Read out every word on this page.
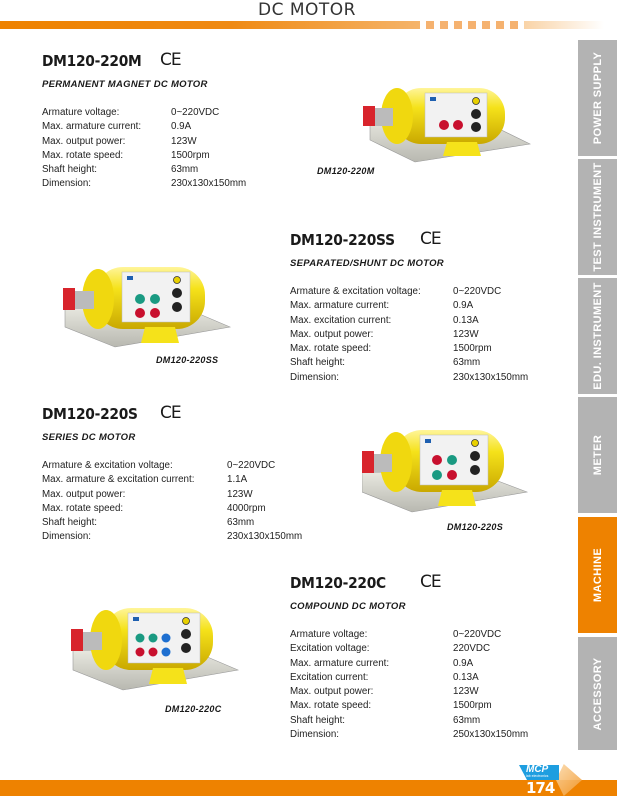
DC MOTOR
POWER SUPPLY
TEST INSTRUMENT
EDU. INSTRUMENT
METER
MACHINE
ACCESSORY
DM120-220M CE
PERMANENT MAGNET DC MOTOR
Armature voltage:	0~220VDC
Max. armature current:	0.9A
Max. output power:	123W
Max. rotate speed:	1500rpm
Shaft height:	63mm
Dimension:	230x130x150mm
DM120-220M
DM120-220SS CE
SEPARATED/SHUNT DC MOTOR
Armature & excitation voltage:	0~220VDC
Max. armature current:	0.9A
Max. excitation current:	0.13A
Max. output power:	123W
Max. rotate speed:	1500rpm
Shaft height:	63mm
Dimension:	230x130x150mm
DM120-220SS
DM120-220S CE
SERIES DC MOTOR
Armature & excitation voltage:	0~220VDC
Max. armature & excitation current:	1.1A
Max. output power:	123W
Max. rotate speed:	4000rpm
Shaft height:	63mm
Dimension:	230x130x150mm
DM120-220S
DM120-220C CE
COMPOUND DC MOTOR
Armature voltage:	0~220VDC
Excitation voltage:	220VDC
Max. armature current:	0.9A
Excitation current:	0.13A
Max. output power:	123W
Max. rotate speed:	1500rpm
Shaft height:	63mm
Dimension:	250x130x150mm
DM120-220C
MCP
lab electronics
174
